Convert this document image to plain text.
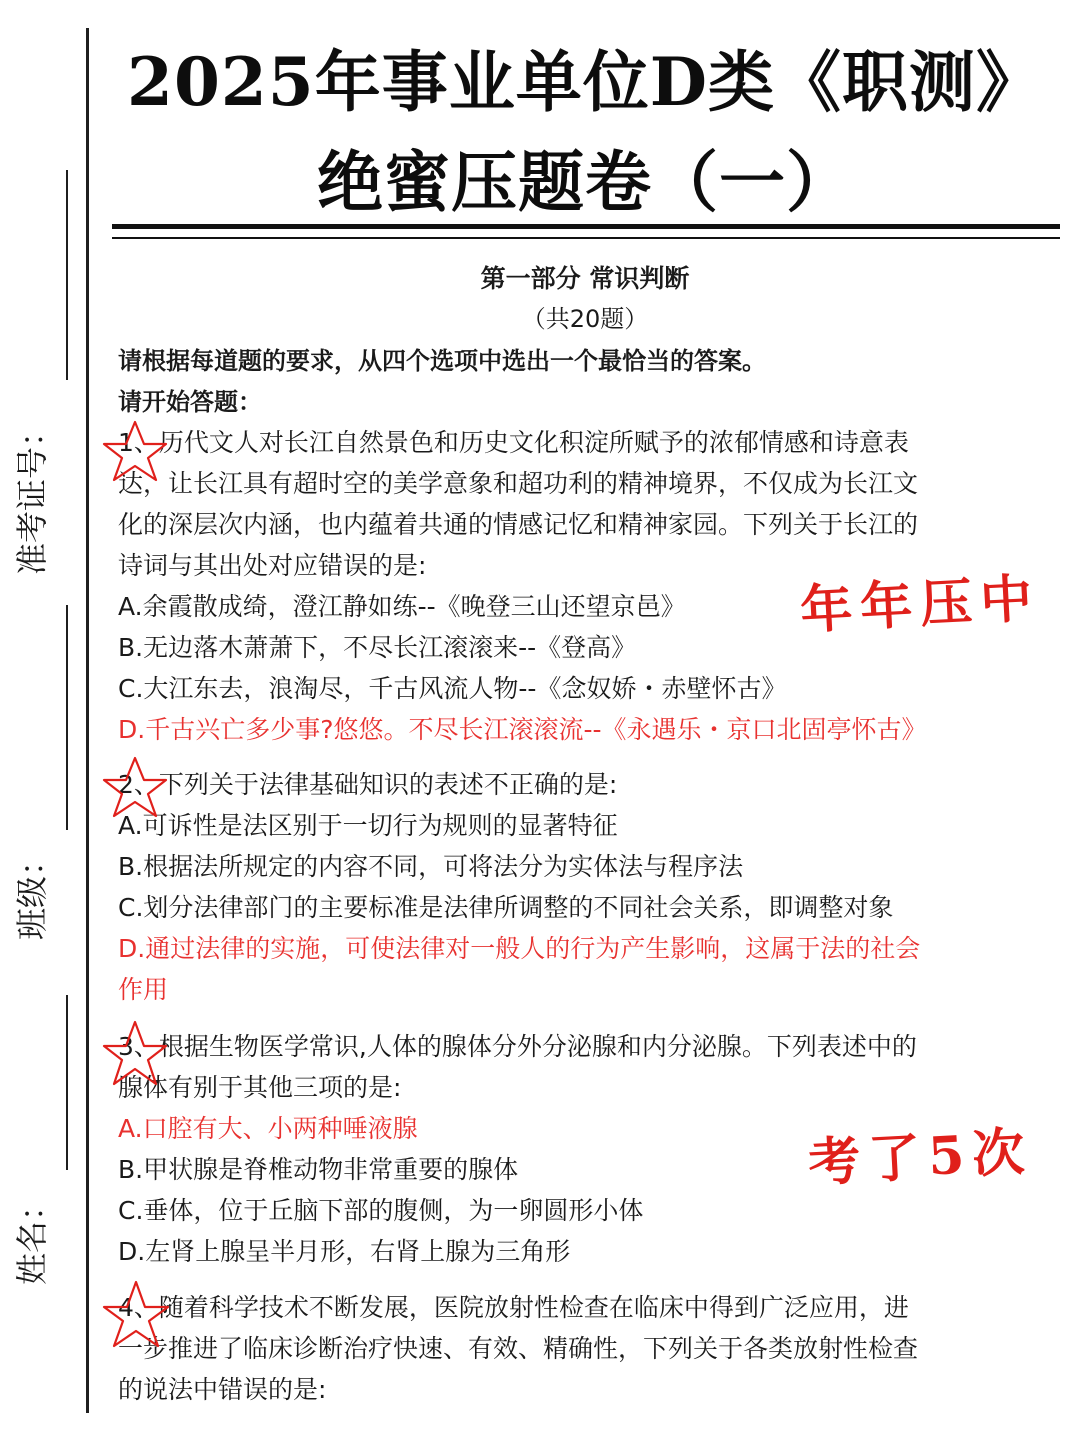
准考证号：
班级：
姓名：
2025年事业单位D类《职测》
绝蜜压题卷（一）
第一部分 常识判断
（共20题）
请根据每道题的要求，从四个选项中选出一个最恰当的答案。
请开始答题：
1、历代文人对长江自然景色和历史文化积淀所赋予的浓郁情感和诗意表
达，让长江具有超时空的美学意象和超功利的精神境界，不仅成为长江文
化的深层次内涵，也内蕴着共通的情感记忆和精神家园。下列关于长江的
诗词与其出处对应错误的是:
A.余霞散成绮，澄江静如练--《晚登三山还望京邑》
B.无边落木萧萧下，不尽长江滚滚来--《登高》
C.大江东去，浪淘尽，千古风流人物--《念奴娇・赤壁怀古》
D.千古兴亡多少事?悠悠。不尽长江滚滚流--《永遇乐・京口北固亭怀古》
2、下列关于法律基础知识的表述不正确的是:
A.可诉性是法区别于一切行为规则的显著特征
B.根据法所规定的内容不同，可将法分为实体法与程序法
C.划分法律部门的主要标准是法律所调整的不同社会关系，即调整对象
D.通过法律的实施，可使法律对一般人的行为产生影响，这属于法的社会
作用
3、根据生物医学常识,人体的腺体分外分泌腺和内分泌腺。下列表述中的
腺体有别于其他三项的是:
A.口腔有大、小两种唾液腺
B.甲状腺是脊椎动物非常重要的腺体
C.垂体，位于丘脑下部的腹侧，为一卵圆形小体
D.左肾上腺呈半月形，右肾上腺为三角形
4、随着科学技术不断发展，医院放射性检查在临床中得到广泛应用，进
一步推进了临床诊断治疗快速、有效、精确性，下列关于各类放射性检查
的说法中错误的是:
年年压中
考了5次
